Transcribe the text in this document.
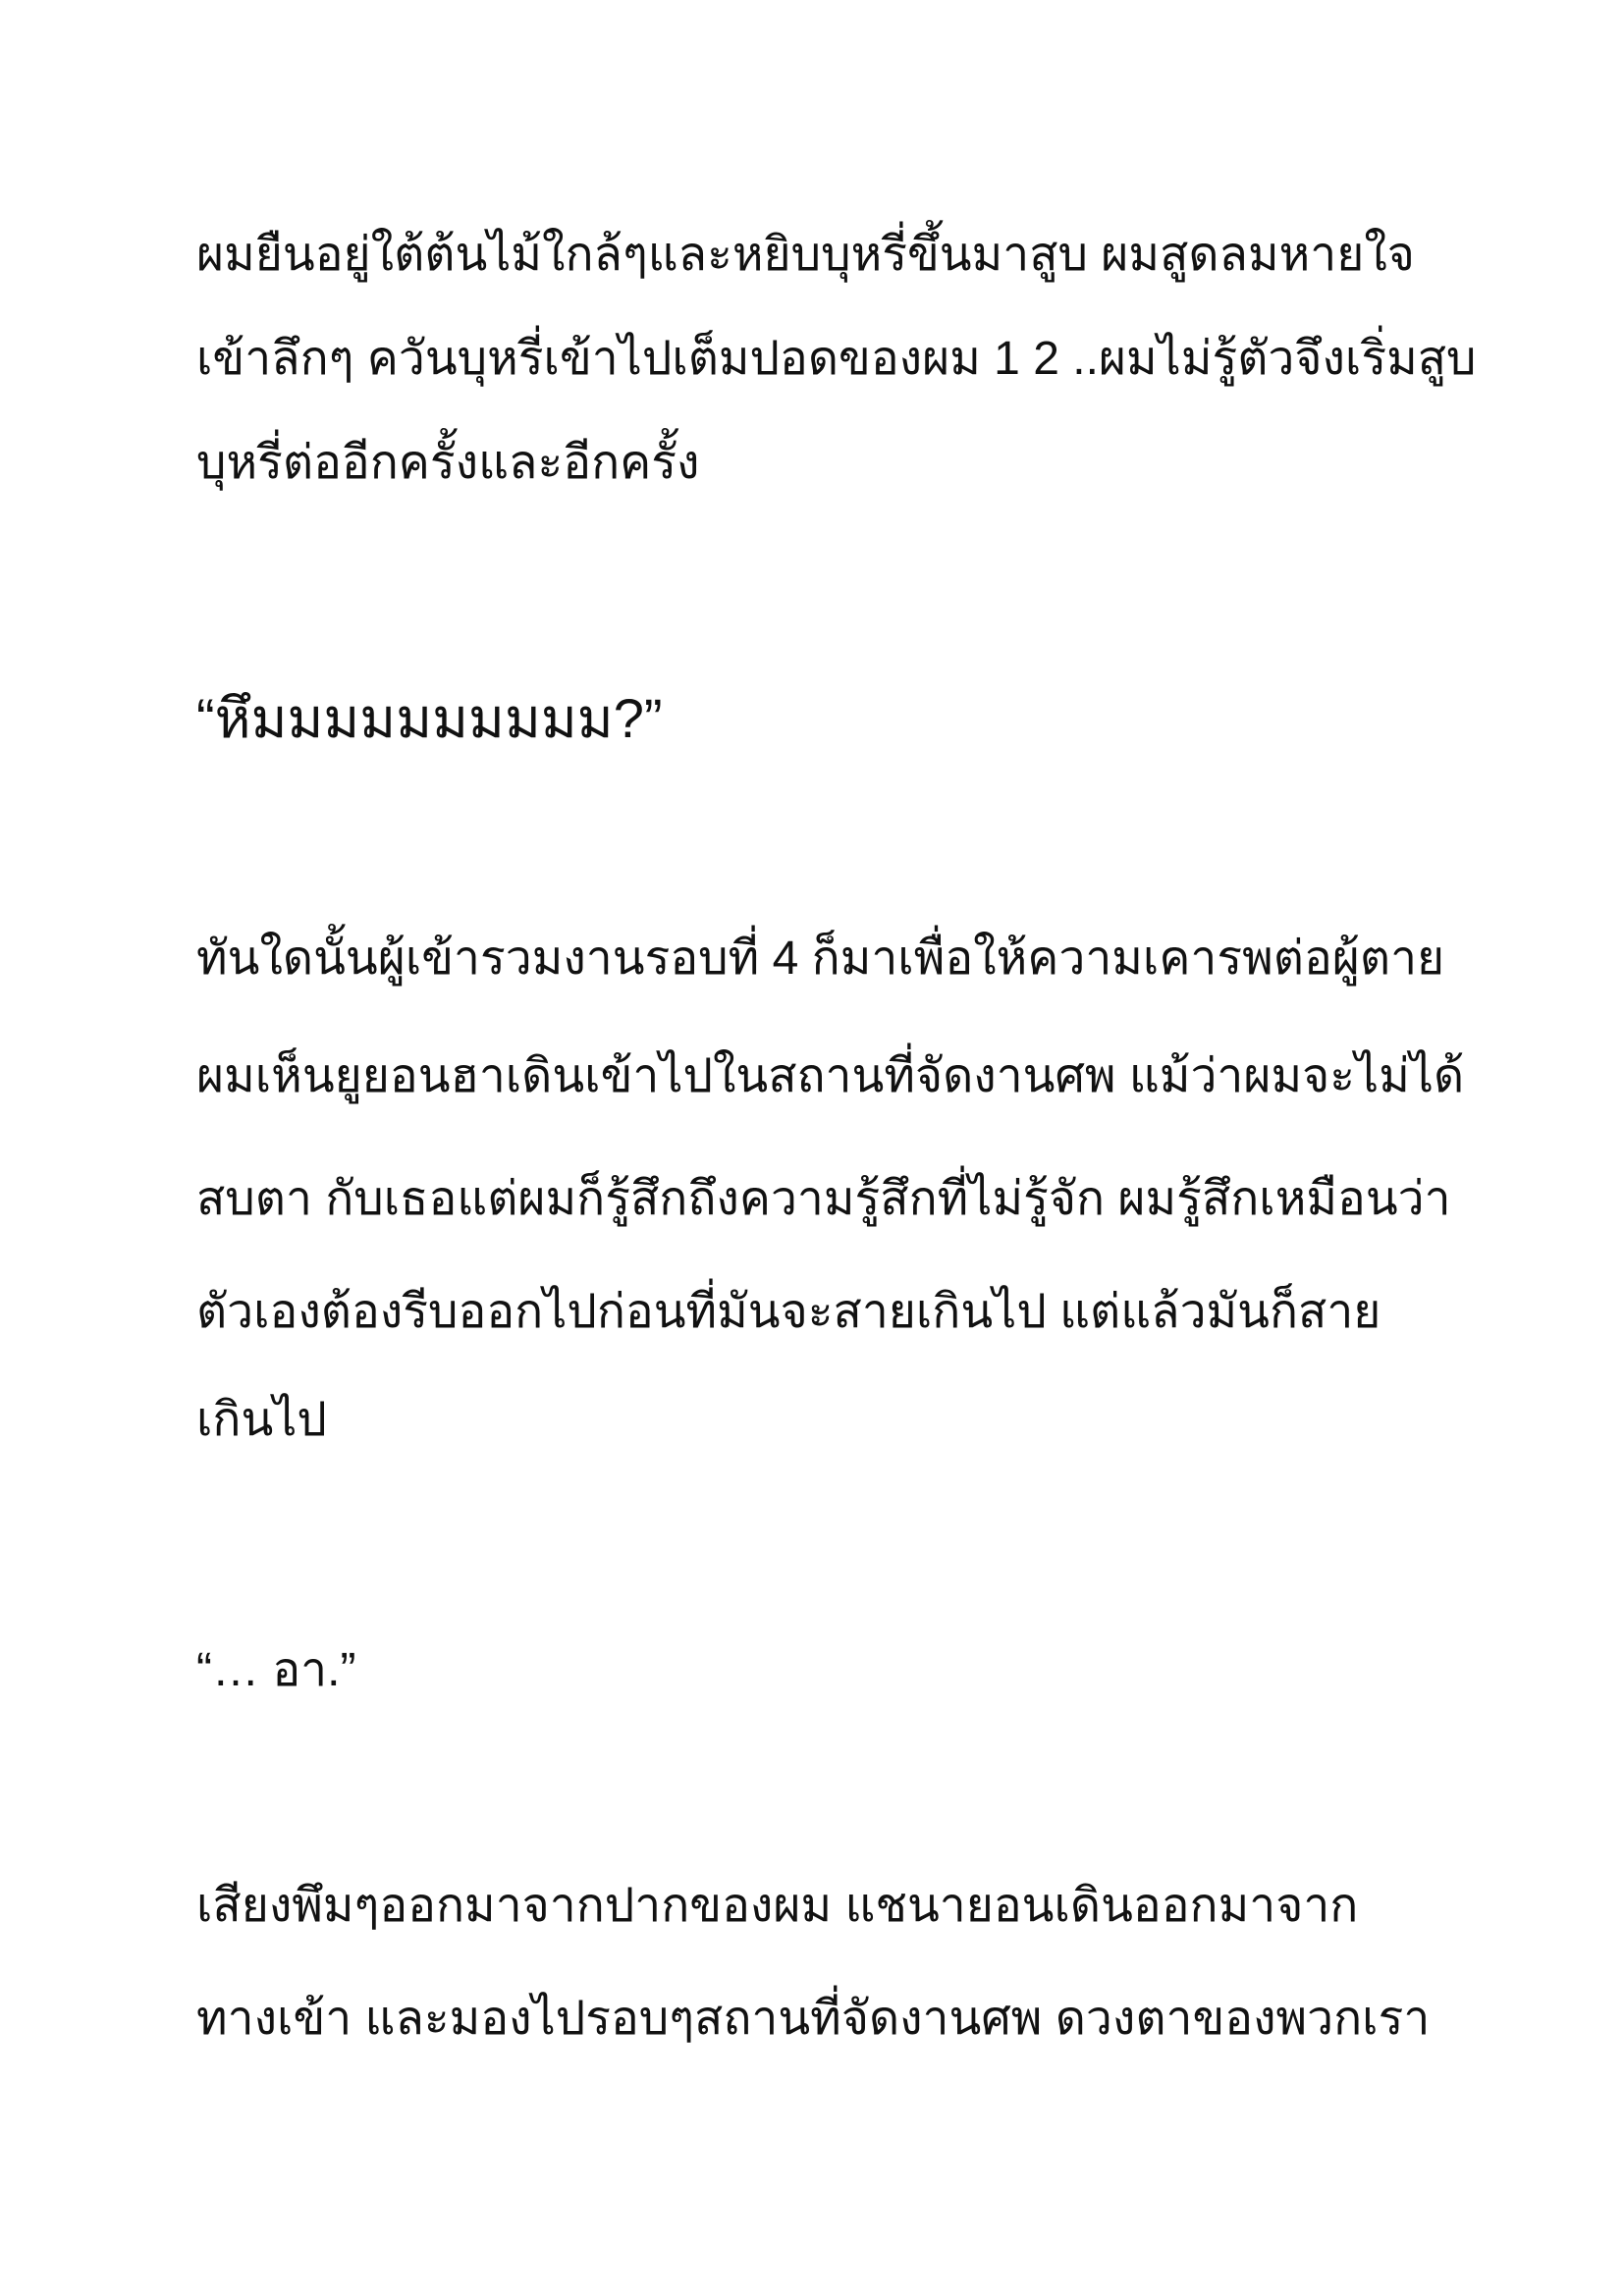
ผมยืนอยู่ใต้ต้นไม้ใกล้ๆและหยิบบุหรี่ขึ้นมาสูบ ผมสูดลมหายใจ

เข้าลึกๆ ควันบุหรี่เข้าไปเต็มปอดของผม 1 2 ..ผมไม่รู้ตัวจึงเริ่มสูบ

บุหรี่ต่ออีกครั้งและอีกครั้ง

“หึมมมมมมมมมม?”

ทันใดนั้นผู้เข้ารวมงานรอบที่ 4 ก็มาเพื่อให้ความเคารพต่อผู้ตาย

ผมเห็นยูยอนฮาเดินเข้าไปในสถานที่จัดงานศพ แม้ว่าผมจะไม่ได้

สบตา กับเธอแต่ผมก็รู้สึกถึงความรู้สึกที่ไม่รู้จัก ผมรู้สึกเหมือนว่า

ตัวเองต้องรีบออกไปก่อนที่มันจะสายเกินไป แต่แล้วมันก็สาย

เกินไป

“… อา.”

เสียงพึมๆออกมาจากปากของผม แชนายอนเดินออกมาจาก

ทางเข้า และมองไปรอบๆสถานที่จัดงานศพ ดวงตาของพวกเรา
